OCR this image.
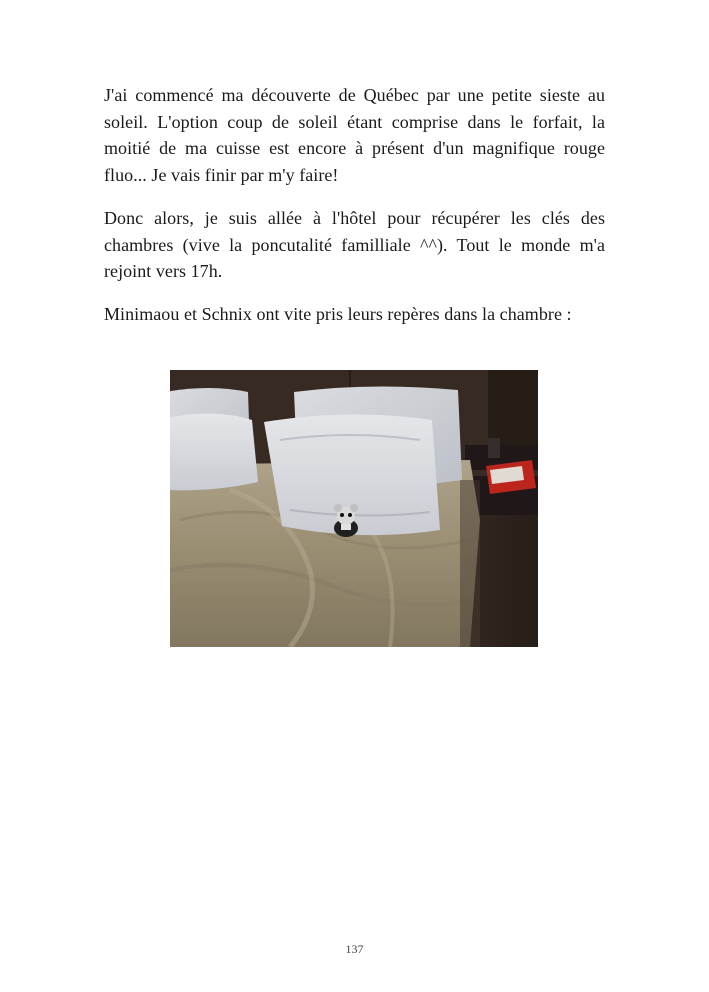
J'ai commencé ma découverte de Québec par une petite sieste au soleil. L'option coup de soleil étant comprise dans le forfait, la moitié de ma cuisse est encore à présent d'un magnifique rouge fluo... Je vais finir par m'y faire!

Donc alors, je suis allée à l'hôtel pour récupérer les clés des chambres (vive la poncutalité familliale ^^). Tout le monde m'a rejoint vers 17h.

Minimaou et Schnix ont vite pris leurs repères dans la chambre :

137
